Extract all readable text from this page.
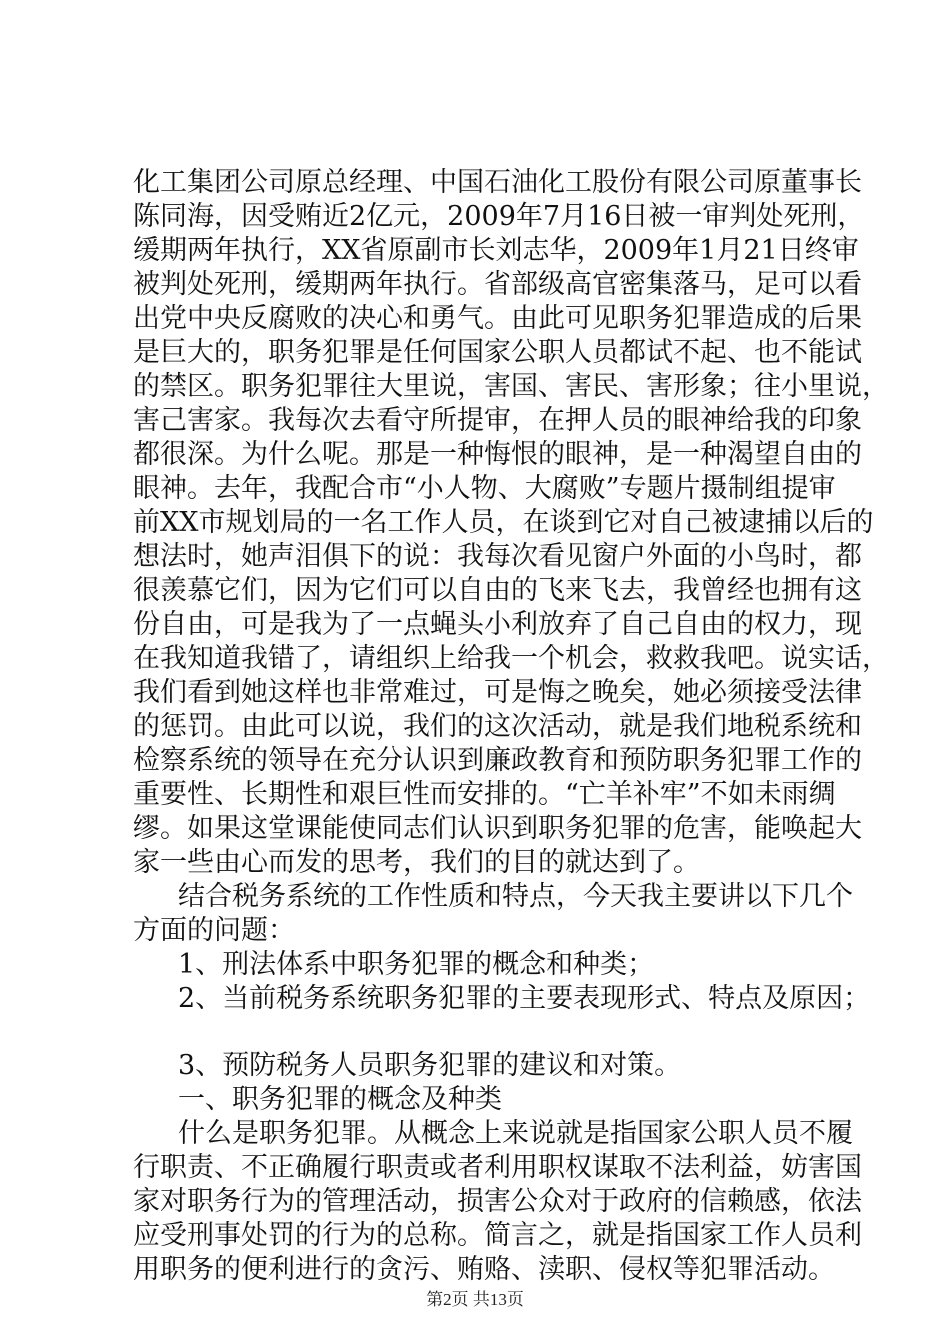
化工集团公司原总经理、中国石油化工股份有限公司原董事长
陈同海，因受贿近2亿元，2009年7月16日被一审判处死刑，
缓期两年执行，XX省原副市长刘志华，2009年1月21日终审
被判处死刑，缓期两年执行。省部级高官密集落马，足可以看
出党中央反腐败的决心和勇气。由此可见职务犯罪造成的后果
是巨大的，职务犯罪是任何国家公职人员都试不起、也不能试
的禁区。职务犯罪往大里说，害国、害民、害形象；往小里说，
害己害家。我每次去看守所提审，在押人员的眼神给我的印象
都很深。为什么呢。那是一种悔恨的眼神，是一种渴望自由的
眼神。去年，我配合市“小人物、大腐败”专题片摄制组提审
前XX市规划局的一名工作人员，在谈到它对自己被逮捕以后的
想法时，她声泪俱下的说：我每次看见窗户外面的小鸟时，都
很羡慕它们，因为它们可以自由的飞来飞去，我曾经也拥有这
份自由，可是我为了一点蝇头小利放弃了自己自由的权力，现
在我知道我错了，请组织上给我一个机会，救救我吧。说实话，
我们看到她这样也非常难过，可是悔之晚矣，她必须接受法律
的惩罚。由此可以说，我们的这次活动，就是我们地税系统和
检察系统的领导在充分认识到廉政教育和预防职务犯罪工作的
重要性、长期性和艰巨性而安排的。“亡羊补牢”不如未雨绸
缪。如果这堂课能使同志们认识到职务犯罪的危害，能唤起大
家一些由心而发的思考，我们的目的就达到了。
结合税务系统的工作性质和特点，今天我主要讲以下几个
方面的问题：
1、刑法体系中职务犯罪的概念和种类；
2、当前税务系统职务犯罪的主要表现形式、特点及原因；
3、预防税务人员职务犯罪的建议和对策。
一、职务犯罪的概念及种类
什么是职务犯罪。从概念上来说就是指国家公职人员不履
行职责、不正确履行职责或者利用职权谋取不法利益，妨害国
家对职务行为的管理活动，损害公众对于政府的信赖感，依法
应受刑事处罚的行为的总称。简言之，就是指国家工作人员利
用职务的便利进行的贪污、贿赂、渎职、侵权等犯罪活动。
第2页 共13页
